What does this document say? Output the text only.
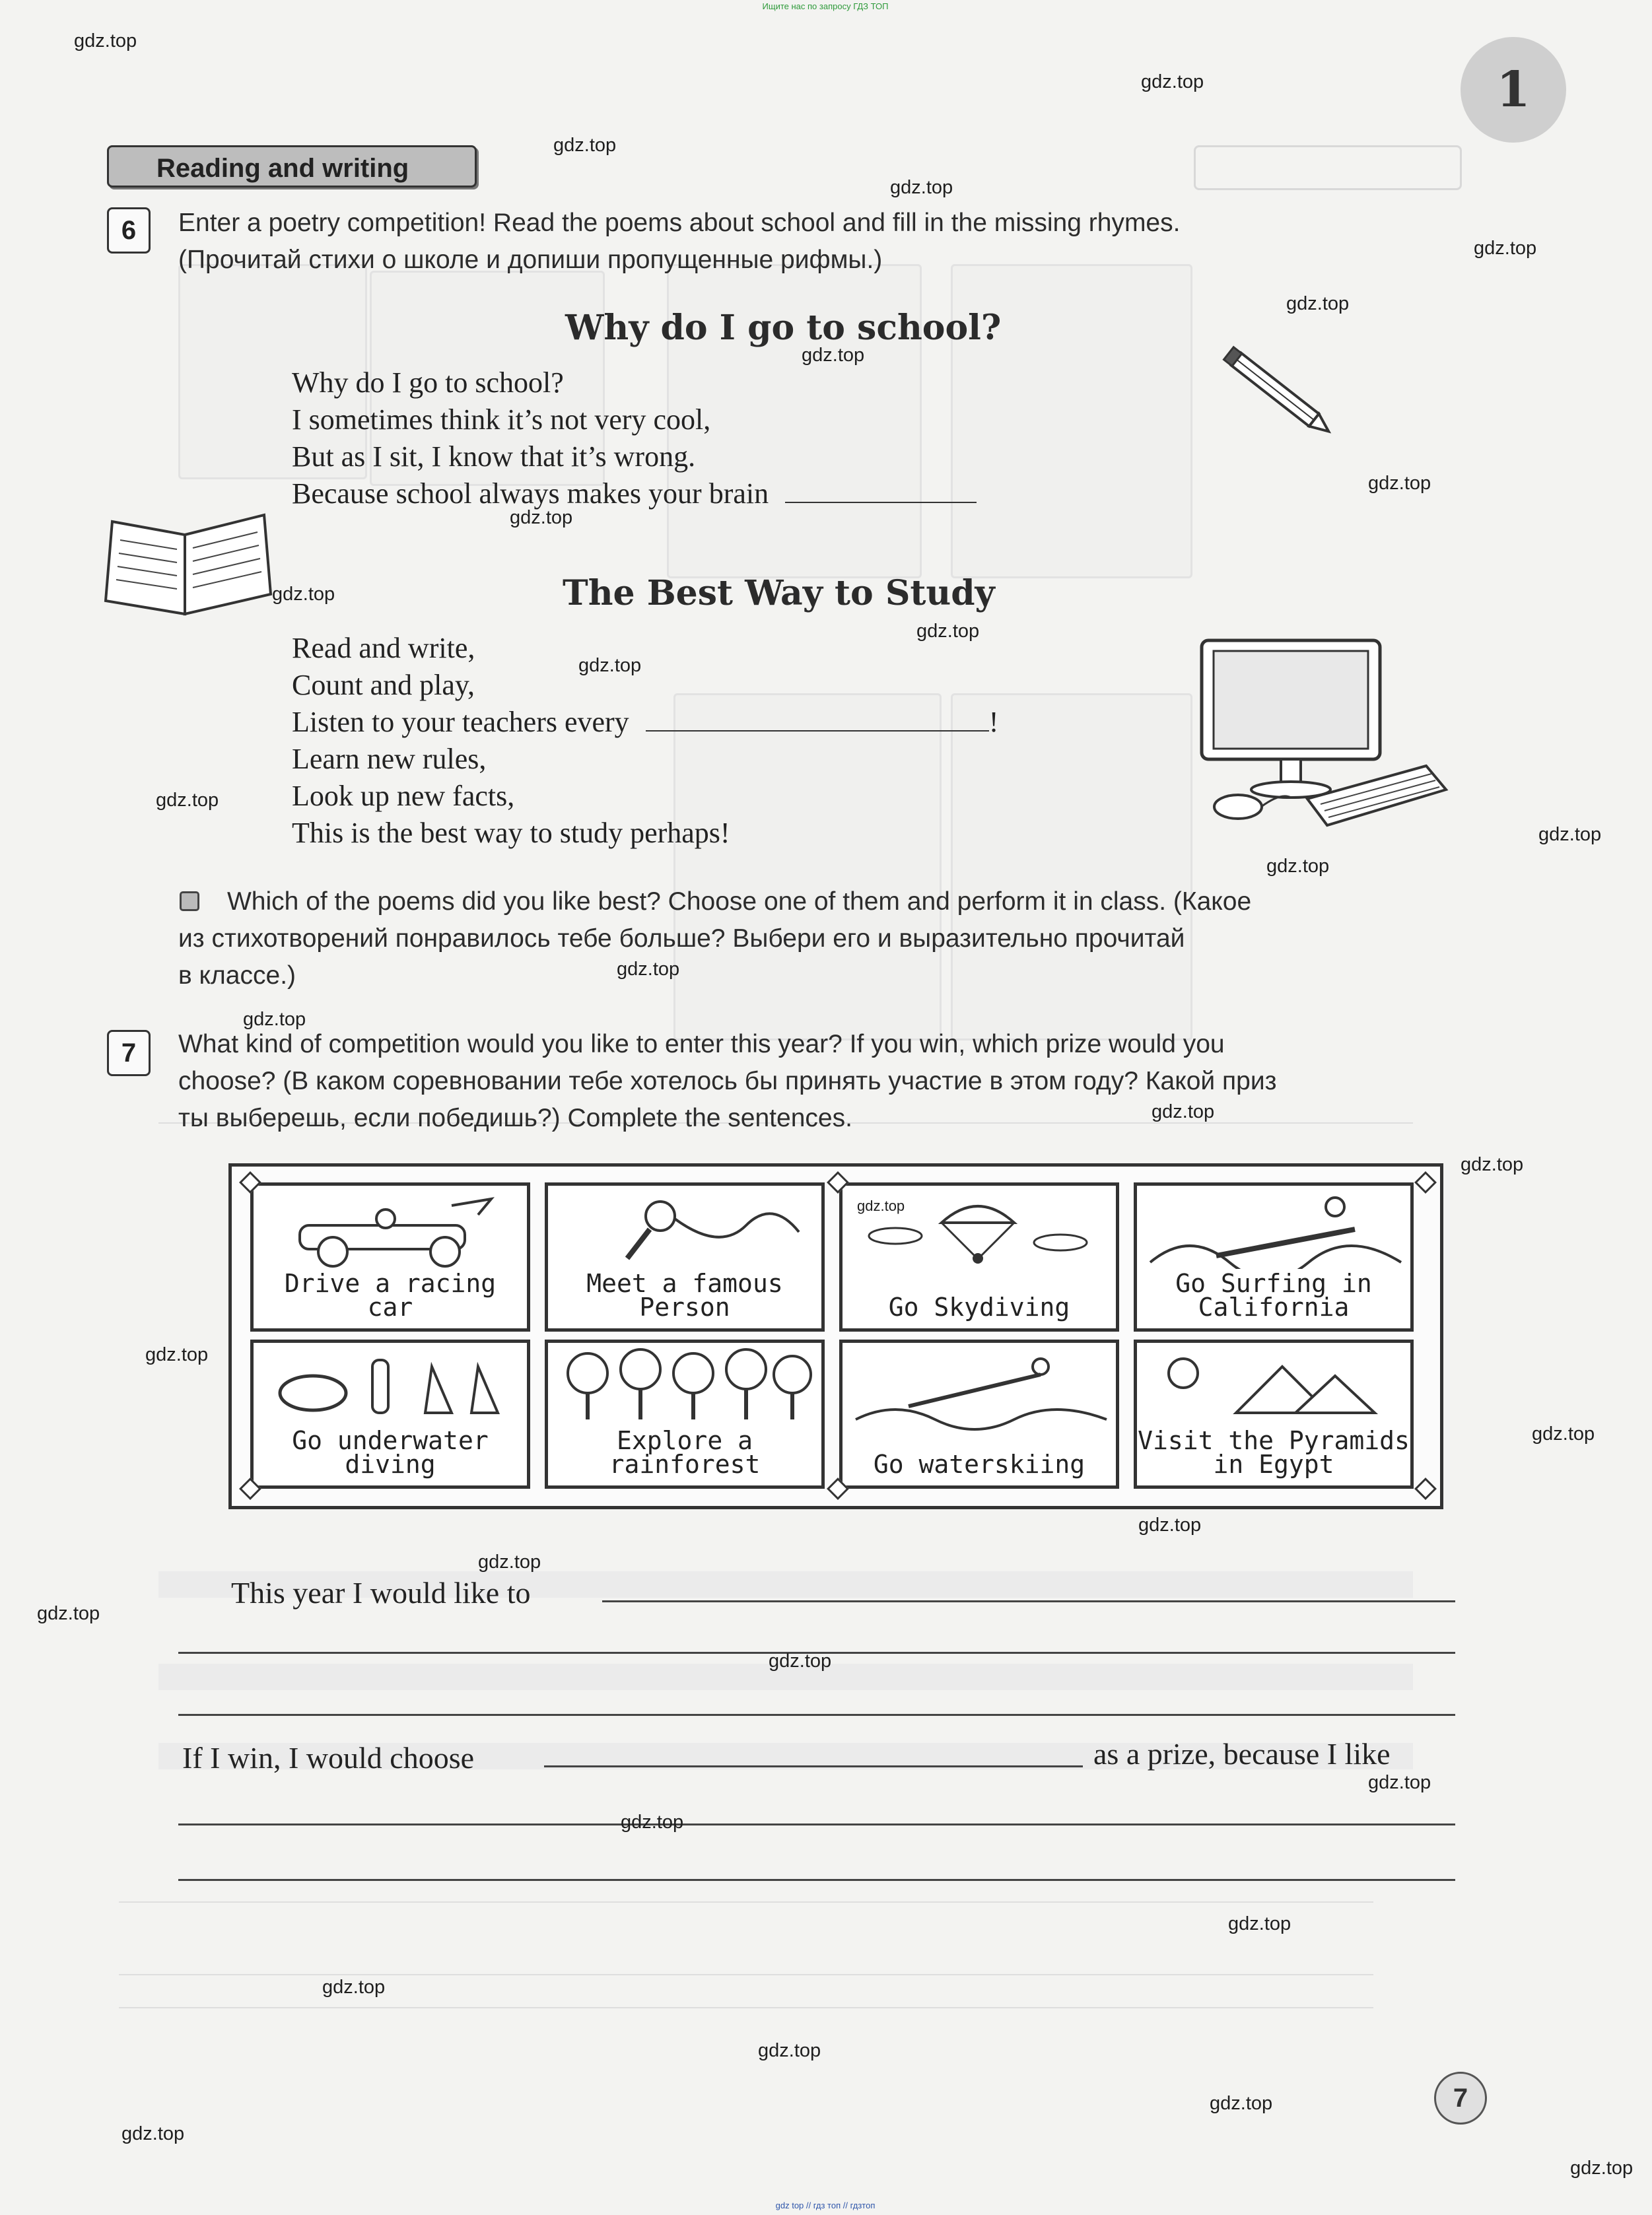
Ищите нас по запросу ГДЗ ТОП
gdz top // гдз топ // гдзтоп
1
Reading and writing
6	Enter a poetry competition! Read the poems about school and fill in the missing rhymes.
(Прочитай стихи о школе и допиши пропущенные рифмы.)
Why do I go to school?
Why do I go to school?
I sometimes think it’s not very cool,
But as I sit, I know that it’s wrong.
Because school always makes your brain
The Best Way to Study
Read and write,
Count and play,
Listen to your teachers every	!
Learn new rules,
Look up new facts,
This is the best way to study perhaps!
Which of the poems did you like best? Choose one of them and perform it in class. (Какое
из стихотворений понравилось тебе больше? Выбери его и выразительно прочитай
в классе.)
7	What kind of competition would you like to enter this year? If you win, which prize would you
choose? (В каком соревновании тебе хотелось бы принять участие в этом году? Какой приз
ты выберешь, если победишь?) Complete the sentences.
Drive a racing
car
Meet a famous
Person	Go Skydiving
Go Surfing in
California
Go underwater
diving
Explore a
rainforest	Go waterskiing
Visit the Pyramids
in Egypt
This year I would like to
If I win, I would choose	as a prize, because I like
7
gdz.top
gdz.top
gdz.top
gdz.top
gdz.top
gdz.top
gdz.top
gdz.top
gdz.top
gdz.top
gdz.top
gdz.top
gdz.top
gdz.top
gdz.top
gdz.top
gdz.top
gdz.top
gdz.top
gdz.top
gdz.top
gdz.top
gdz.top
gdz.top
gdz.top
gdz.top
gdz.top
gdz.top
gdz.top
gdz.top
gdz.top
gdz.top
gdz.top
gdz.top
